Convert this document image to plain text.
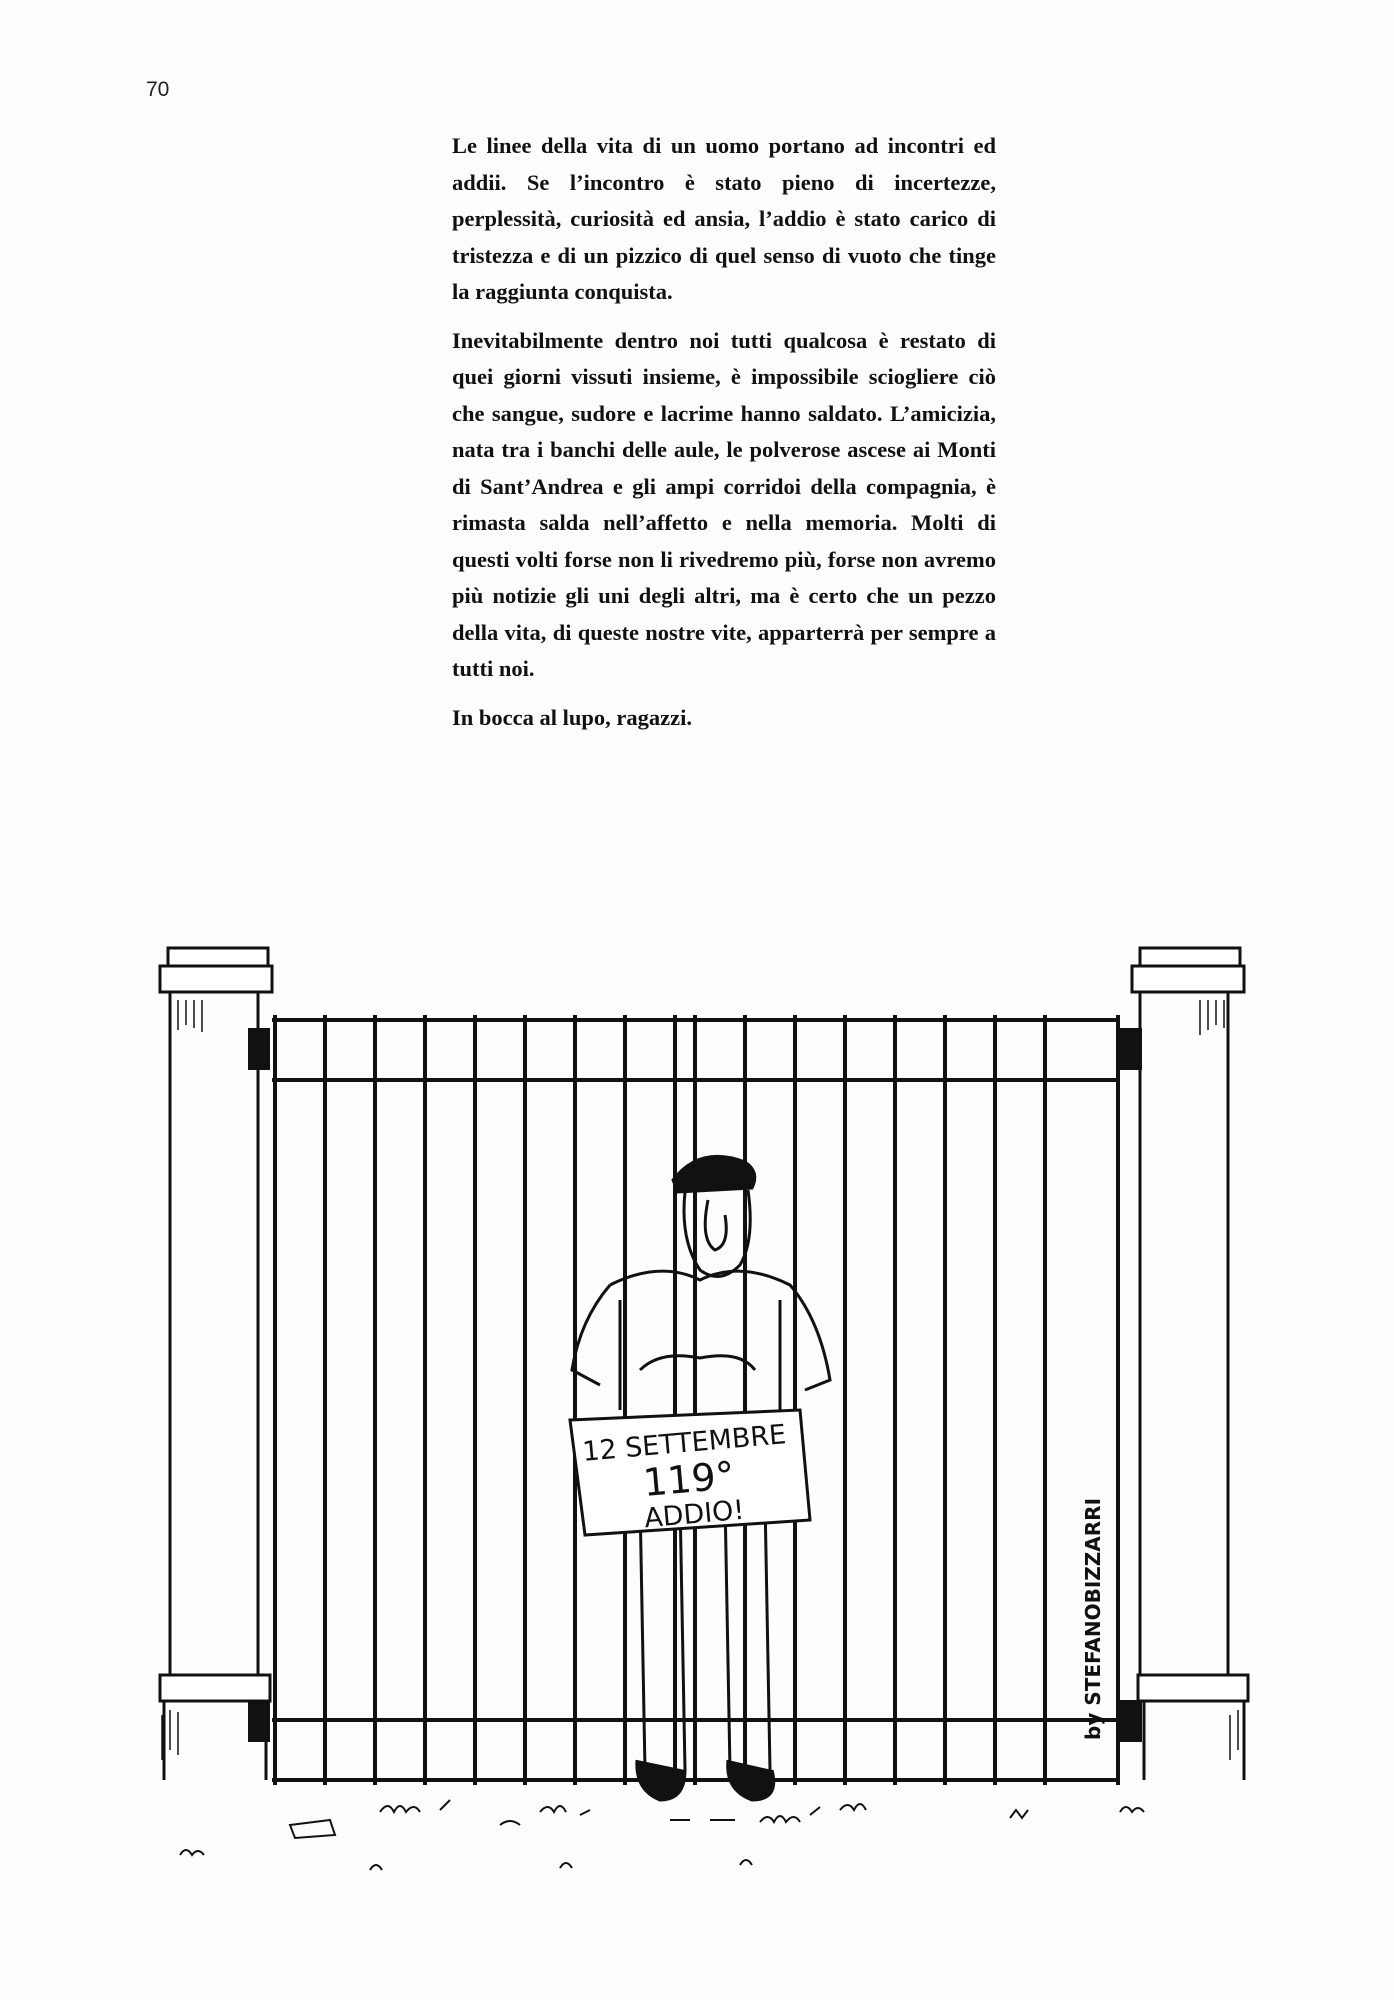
70

Le linee della vita di un uomo portano ad incontri ed addii. Se l’incontro è stato pieno di incertezze, perplessità, curiosità ed ansia, l’addio è stato carico di tristezza e di un pizzico di quel senso di vuoto che tinge la raggiunta conquista.

Inevitabilmente dentro noi tutti qualcosa è restato di quei giorni vissuti insieme, è impossibile sciogliere ciò che sangue, sudore e lacrime hanno saldato. L’amicizia, nata tra i banchi delle aule, le polverose ascese ai Monti di Sant’Andrea e gli ampi corridoi della compagnia, è rimasta salda nell’affetto e nella memoria. Molti di questi volti forse non li rivedremo più, forse non avremo più notizie gli uni degli altri, ma è certo che un pezzo della vita, di queste nostre vite, apparterrà per sempre a tutti noi.

In bocca al lupo, ragazzi.

12 SETTEMBRE
119°
ADDIO!	by STEFANOBIZZARRI
